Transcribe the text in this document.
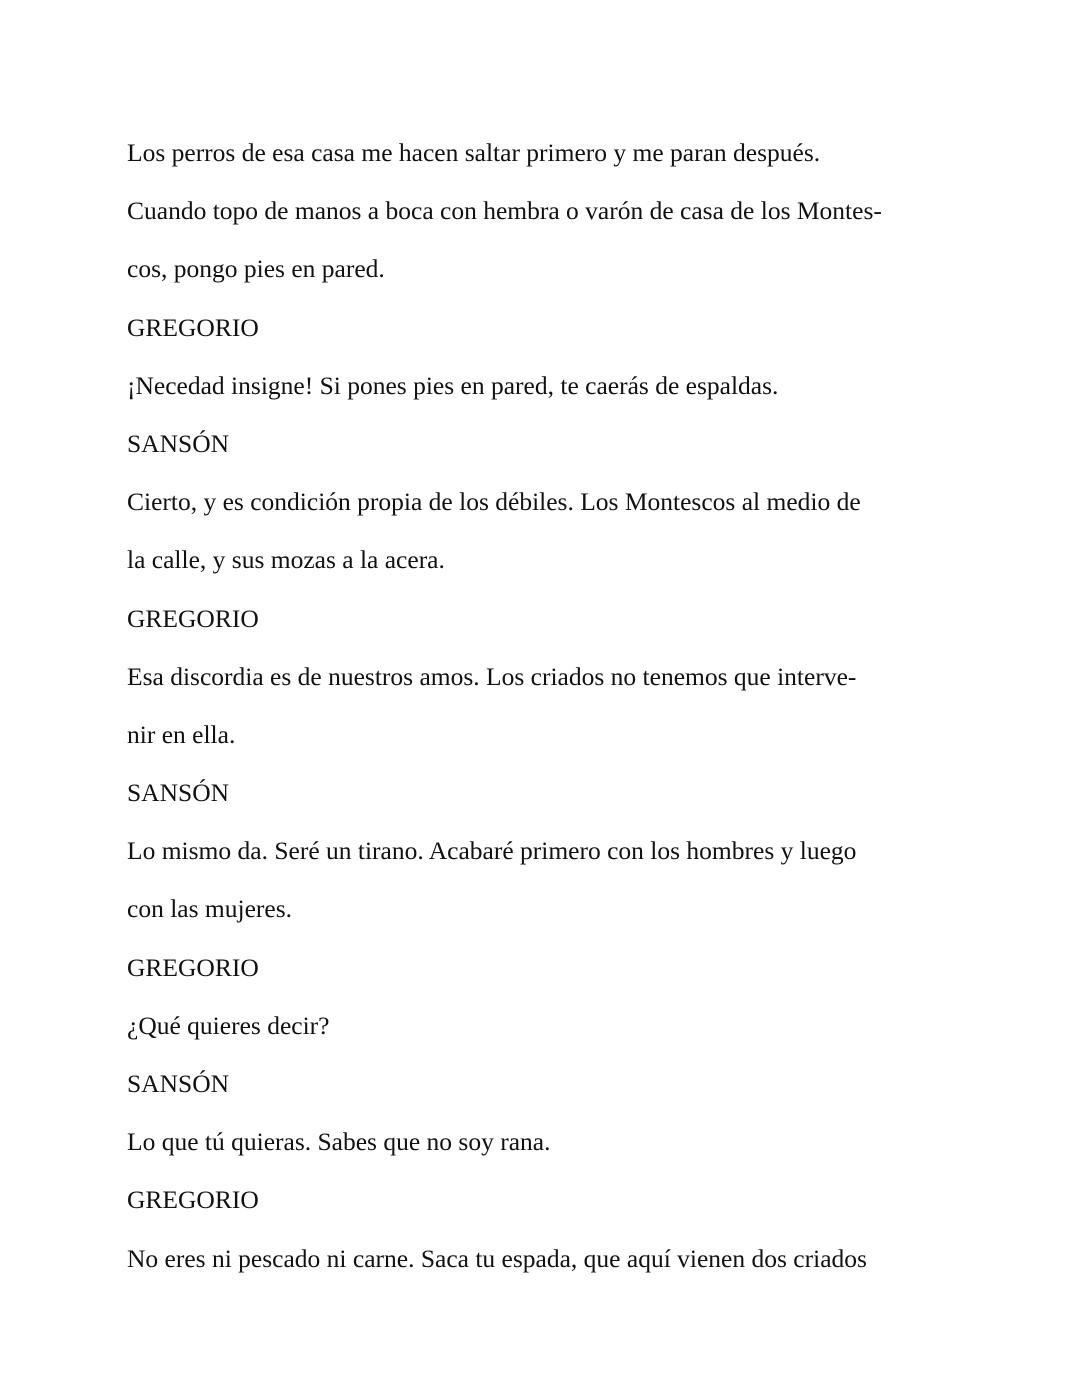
Los perros de esa casa me hacen saltar primero y me paran después.
Cuando topo de manos a boca con hembra o varón de casa de los Montes-
cos, pongo pies en pared.
GREGORIO
¡Necedad insigne! Si pones pies en pared, te caerás de espaldas.
SANSÓN
Cierto, y es condición propia de los débiles. Los Montescos al medio de
la calle, y sus mozas a la acera.
GREGORIO
Esa discordia es de nuestros amos. Los criados no tenemos que interve-
nir en ella.
SANSÓN
Lo mismo da. Seré un tirano. Acabaré primero con los hombres y luego
con las mujeres.
GREGORIO
¿Qué quieres decir?
SANSÓN
Lo que tú quieras. Sabes que no soy rana.
GREGORIO
No eres ni pescado ni carne. Saca tu espada, que aquí vienen dos criados
